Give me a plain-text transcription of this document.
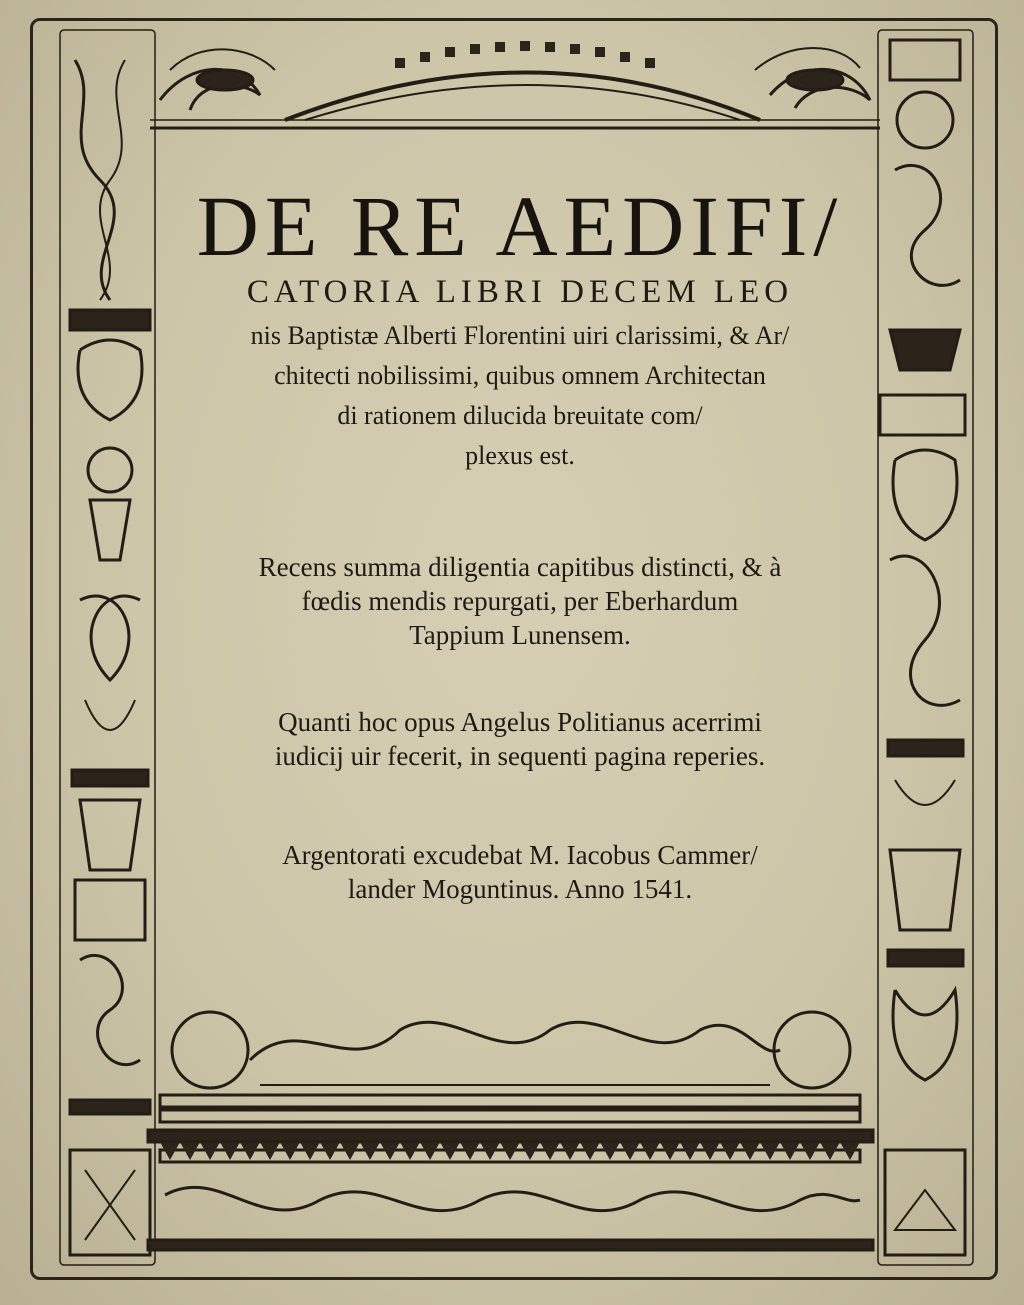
DE RE AEDIFI/
CATORIA LIBRI DECEM LEO
nis Baptistæ Alberti Florentini uiri clarissimi, & Ar/
chitecti nobilissimi, quibus omnem Architectan
di rationem dilucida breuitate com/
plexus est.
Recens summa diligentia capitibus distincti, & à
fœdis mendis repurgati, per Eberhardum
Tappium Lunensem.
Quanti hoc opus Angelus Politianus acerrimi
iudicij uir fecerit, in sequenti pagina reperies.
Argentorati excudebat M. Iacobus Cammer/
lander Moguntinus. Anno 1541.
